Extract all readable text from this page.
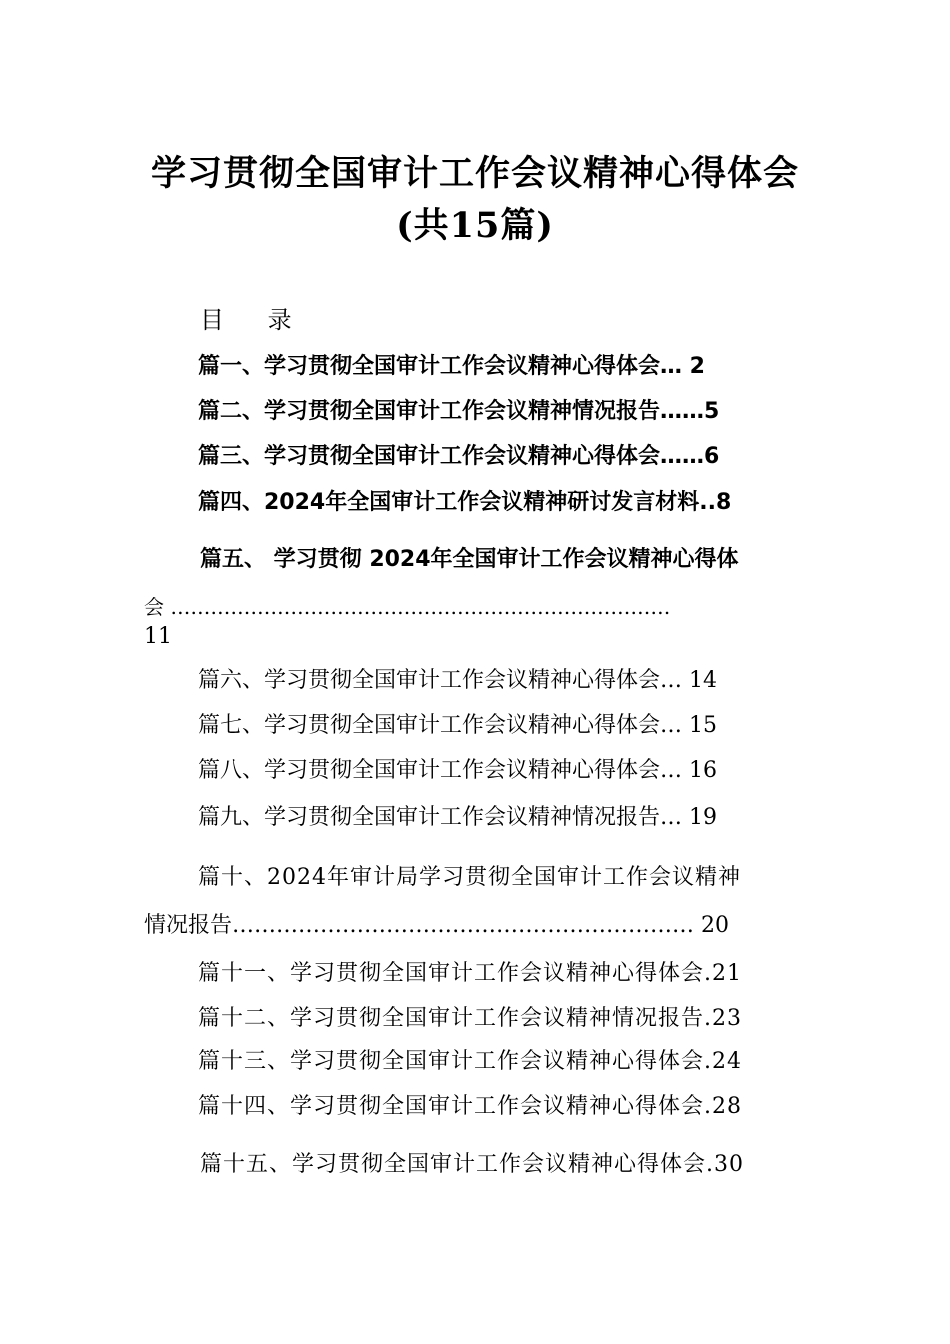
学习贯彻全国审计工作会议精神心得体会
(共15篇)
目 录
篇一、学习贯彻全国审计工作会议精神心得体会… 2
篇二、学习贯彻全国审计工作会议精神情况报告……5
篇三、学习贯彻全国审计工作会议精神心得体会……6
篇四、2024年全国审计工作会议精神研讨发言材料..8
篇五、 学习贯彻 2024年全国审计工作会议精神心得体
会 …………………………………………………………………
11
篇六、学习贯彻全国审计工作会议精神心得体会… 14
篇七、学习贯彻全国审计工作会议精神心得体会… 15
篇八、学习贯彻全国审计工作会议精神心得体会… 16
篇九、学习贯彻全国审计工作会议精神情况报告… 19
篇十、2024年审计局学习贯彻全国审计工作会议精神
情况报告……………………………………………………… 20
篇十一、学习贯彻全国审计工作会议精神心得体会.21
篇十二、学习贯彻全国审计工作会议精神情况报告.23
篇十三、学习贯彻全国审计工作会议精神心得体会.24
篇十四、学习贯彻全国审计工作会议精神心得体会.28
篇十五、学习贯彻全国审计工作会议精神心得体会.30
